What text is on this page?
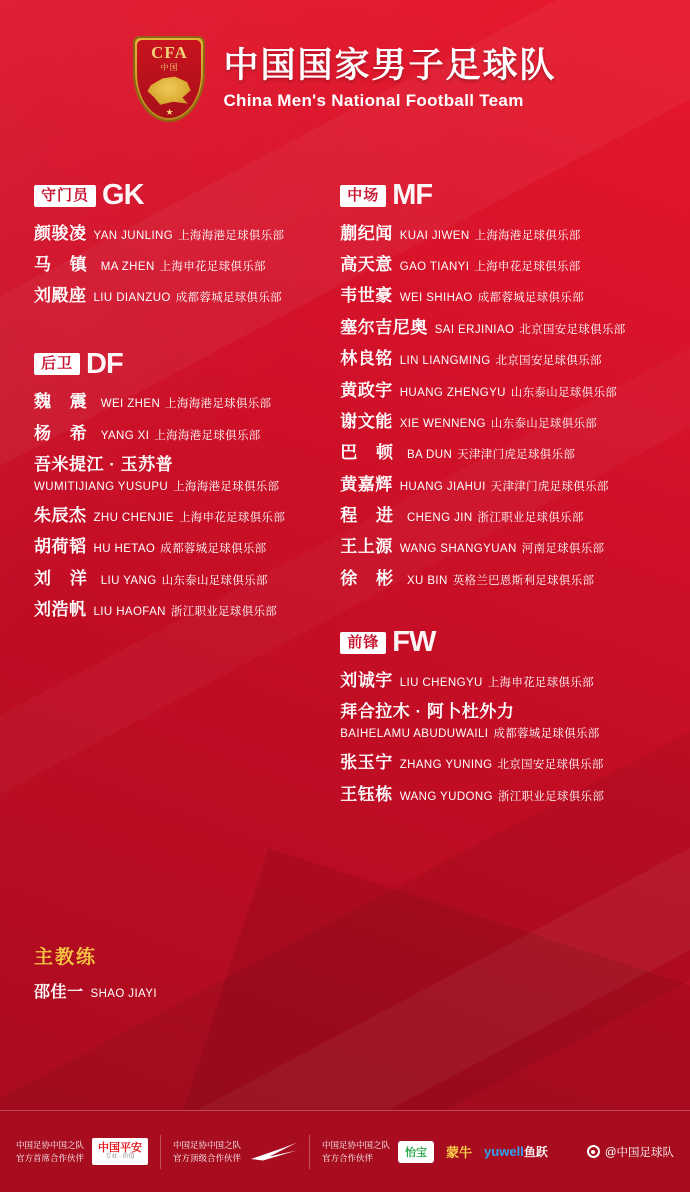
CFA
中国
★
中国国家男子足球队
China Men's National Football Team
守门员 GK
颜骏凌 YAN JUNLING 上海海港足球俱乐部
马 镇 MA ZHEN 上海申花足球俱乐部
刘殿座 LIU DIANZUO 成都蓉城足球俱乐部
后卫 DF
魏 震 WEI ZHEN 上海海港足球俱乐部
杨 希 YANG XI 上海海港足球俱乐部
吾米提江 · 玉苏普
WUMITIJIANG YUSUPU 上海海港足球俱乐部
朱辰杰 ZHU CHENJIE 上海申花足球俱乐部
胡荷韬 HU HETAO 成都蓉城足球俱乐部
刘 洋 LIU YANG 山东泰山足球俱乐部
刘浩帆 LIU HAOFAN 浙江职业足球俱乐部
中场 MF
蒯纪闻 KUAI JIWEN 上海海港足球俱乐部
高天意 GAO TIANYI 上海申花足球俱乐部
韦世豪 WEI SHIHAO 成都蓉城足球俱乐部
塞尔吉尼奥 SAI ERJINIAO 北京国安足球俱乐部
林良铭 LIN LIANGMING 北京国安足球俱乐部
黄政宇 HUANG ZHENGYU 山东泰山足球俱乐部
谢文能 XIE WENNENG 山东泰山足球俱乐部
巴 顿 BA DUN 天津津门虎足球俱乐部
黄嘉辉 HUANG JIAHUI 天津津门虎足球俱乐部
程 进 CHENG JIN 浙江职业足球俱乐部
王上源 WANG SHANGYUAN 河南足球俱乐部
徐 彬 XU BIN 英格兰巴恩斯利足球俱乐部
前锋 FW
刘诚宇 LIU CHENGYU 上海申花足球俱乐部
拜合拉木 · 阿卜杜外力
BAIHELAMU ABUDUWAILI 成都蓉城足球俱乐部
张玉宁 ZHANG YUNING 北京国安足球俱乐部
王钰栋 WANG YUDONG 浙江职业足球俱乐部
主教练
邵佳一 SHAO JIAYI
中国足协中国之队
官方首席合作伙伴
中国平安
专业 · 价值
中国足协中国之队
官方顶级合作伙伴
中国足协中国之队
官方合作伙伴	怡宝 蒙牛 yuwell鱼跃	@中国足球队
